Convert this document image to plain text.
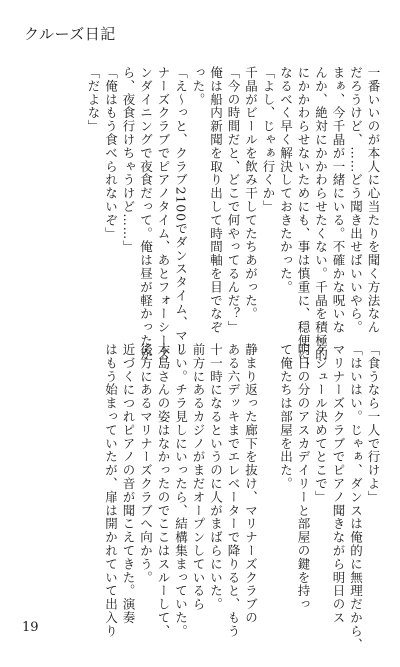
クルーズ日記
一番いいのが本人に心当たりを聞く方法なん
だろうけど、……どう聞き出せばいいやら。
まぁ、今千晶が一緒にいる。不確かな呪いな
んか、絶対にかかわらせたくない。千晶を積極的
にかかわらせないためにも、事は慎重に、穏便に、
なるべく早く解決しておきたかった。
「よし、じゃぁ行くか」
千晶がビールを飲み干してたちあがった。
「今の時間だと、どこで何やってるんだ？」
俺は船内新聞を取り出して時間軸を目でなぞ
った。
「え〜っと、クラブ2100でダンスタイム、マリ
ナーズクラブでピアノタイム、あとフォーシーズ
ンダイニングで夜食だって。俺は昼が軽かったか
ら、夜食行けちゃうけど……」
「俺はもう食べられないぞ」
「だよな」
「食うなら一人で行けよ」
「はいはい。じゃぁ、ダンスは俺的に無理だから、
マリナーズクラブでピアノ聞きながら明日のス
ケジュール決めてとこで」
明日の分のアスカデイリーと部屋の鍵を持っ
て俺たちは部屋を出た。
静まり返った廊下を抜け、マリナーズクラブの
ある六デッキまでエレベーターで降りると、もう
十一時になるというのに人がまばらにいた。
前方にあるカジノがまだオープンしているら
しい。チラ見しにいったら、結構集まっていた。
木島さんの姿はなかったのでここはスルーして、
後方にあるマリナーズクラブへ向かう。
近づくにつれピアノの音が聞こえてきた。演奏
はもう始まっていたが、扉は開かれていて出入り
19
